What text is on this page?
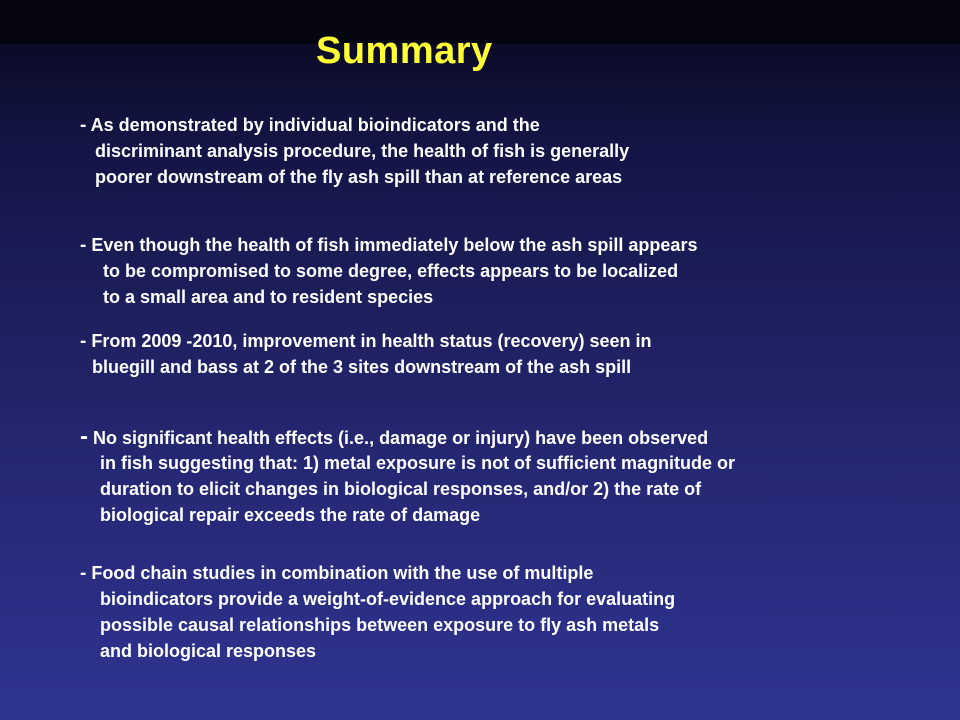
Summary
- As demonstrated by individual bioindicators and the
discriminant analysis procedure, the health of fish is generally
poorer downstream of the fly ash spill than at reference areas
- Even though the health of fish immediately below the ash spill appears
to be compromised to some degree, effects appears to be localized
to a small area and to resident species
- From 2009 -2010, improvement in health status (recovery) seen in
bluegill and bass at 2 of the 3 sites downstream of the ash spill
- No significant health effects (i.e., damage or injury) have been observed
in fish suggesting that: 1) metal exposure is not of sufficient magnitude or
duration to elicit changes in biological responses, and/or 2) the rate of
biological repair exceeds the rate of damage
- Food chain studies in combination with the use of multiple
bioindicators provide a weight-of-evidence approach for evaluating
possible causal relationships between exposure to fly ash metals
and biological responses
